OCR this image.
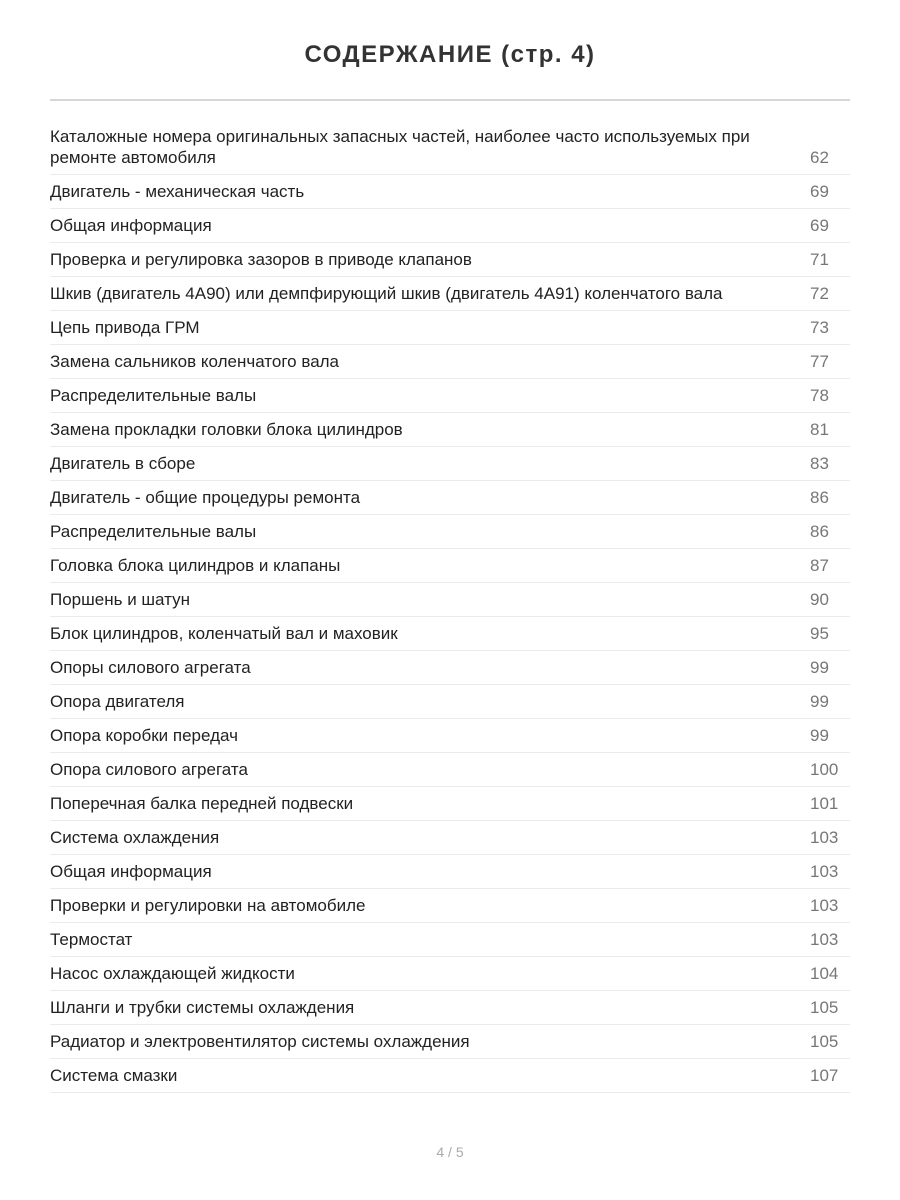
СОДЕРЖАНИЕ (стр. 4)
Каталожные номера оригинальных запасных частей, наиболее часто используемых при ремонте автомобиля	62
Двигатель - механическая часть	69
Общая информация	69
Проверка и регулировка зазоров в приводе клапанов	71
Шкив (двигатель 4А90) или демпфирующий шкив (двигатель 4А91) коленчатого вала	72
Цепь привода ГРМ	73
Замена сальников коленчатого вала	77
Распределительные валы	78
Замена прокладки головки блока цилиндров	81
Двигатель в сборе	83
Двигатель - общие процедуры ремонта	86
Распределительные валы	86
Головка блока цилиндров и клапаны	87
Поршень и шатун	90
Блок цилиндров, коленчатый вал и маховик	95
Опоры силового агрегата	99
Опора двигателя	99
Опора коробки передач	99
Опора силового агрегата	100
Поперечная балка передней подвески	101
Система охлаждения	103
Общая информация	103
Проверки и регулировки на автомобиле	103
Термостат	103
Насос охлаждающей жидкости	104
Шланги и трубки системы охлаждения	105
Радиатор и электровентилятор системы охлаждения	105
Система смазки	107
4 / 5
